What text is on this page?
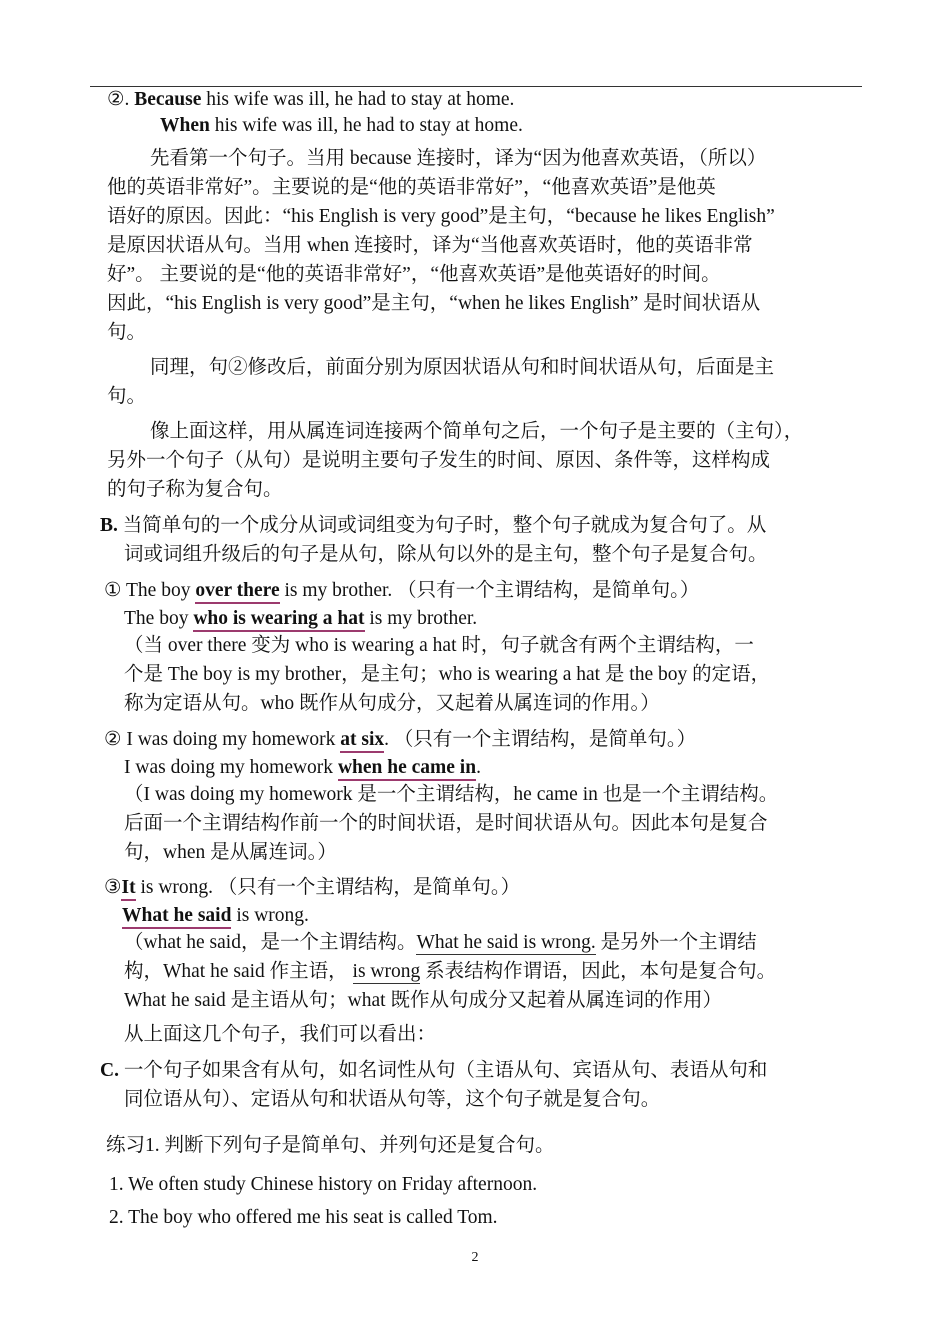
②. Because his wife was ill, he had to stay at home.
When his wife was ill, he had to stay at home.
先看第一个句子。当用 because 连接时，译为“因为他喜欢英语，（所以）
他的英语非常好”。主要说的是“他的英语非常好”，“他喜欢英语”是他英
语好的原因。因此：“his English is very good”是主句，“because he likes English”
是原因状语从句。当用 when 连接时，译为“当他喜欢英语时，他的英语非常
好”。 主要说的是“他的英语非常好”，“他喜欢英语”是他英语好的时间。
因此，“his English is very good”是主句，“when he likes English” 是时间状语从
句。
同理，句②修改后，前面分别为原因状语从句和时间状语从句，后面是主
句。
像上面这样，用从属连词连接两个简单句之后，一个句子是主要的（主句），
另外一个句子（从句）是说明主要句子发生的时间、原因、条件等，这样构成
的句子称为复合句。
B. 当简单句的一个成分从词或词组变为句子时，整个句子就成为复合句了。从
词或词组升级后的句子是从句，除从句以外的是主句，整个句子是复合句。
① The boy over there is my brother. （只有一个主谓结构，是简单句。）
The boy who is wearing a hat is my brother.
（当 over there 变为 who is wearing a hat 时，句子就含有两个主谓结构，一
个是 The boy is my brother，是主句；who is wearing a hat 是 the boy 的定语，
称为定语从句。who 既作从句成分，又起着从属连词的作用。）
② I was doing my homework at six. （只有一个主谓结构，是简单句。）
I was doing my homework when he came in.
（I was doing my homework 是一个主谓结构，he came in 也是一个主谓结构。
后面一个主谓结构作前一个的时间状语，是时间状语从句。因此本句是复合
句，when 是从属连词。）
③It is wrong. （只有一个主谓结构，是简单句。）
What he said is wrong.
（what he said，是一个主谓结构。What he said is wrong. 是另外一个主谓结
构，What he said 作主语， is wrong 系表结构作谓语，因此，本句是复合句。
What he said 是主语从句；what 既作从句成分又起着从属连词的作用）
从上面这几个句子，我们可以看出：
C. 一个句子如果含有从句，如名词性从句（主语从句、宾语从句、表语从句和
同位语从句）、定语从句和状语从句等，这个句子就是复合句。
练习1. 判断下列句子是简单句、并列句还是复合句。
1. We often study Chinese history on Friday afternoon.
2. The boy who offered me his seat is called Tom.
2
